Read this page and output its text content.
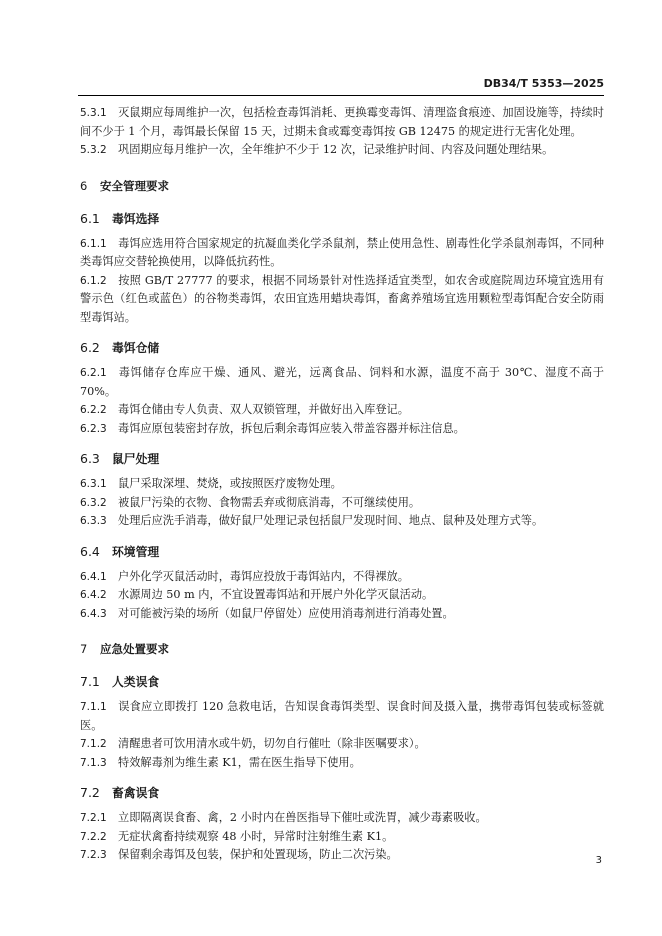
DB34/T 5353—2025
5.3.1 灭鼠期应每周维护一次，包括检查毒饵消耗、更换霉变毒饵、清理盗食痕迹、加固设施等，持续时间不少于 1 个月，毒饵最长保留 15 天，过期未食或霉变毒饵按 GB 12475 的规定进行无害化处理。
5.3.2 巩固期应每月维护一次，全年维护不少于 12 次，记录维护时间、内容及问题处理结果。
6 安全管理要求
6.1 毒饵选择
6.1.1 毒饵应选用符合国家规定的抗凝血类化学杀鼠剂，禁止使用急性、剧毒性化学杀鼠剂毒饵，不同种类毒饵应交替轮换使用，以降低抗药性。
6.1.2 按照 GB/T 27777 的要求，根据不同场景针对性选择适宜类型，如农舍或庭院周边环境宜选用有警示色（红色或蓝色）的谷物类毒饵，农田宜选用蜡块毒饵，畜禽养殖场宜选用颗粒型毒饵配合安全防雨型毒饵站。
6.2 毒饵仓储
6.2.1 毒饵储存仓库应干燥、通风、避光，远离食品、饲料和水源，温度不高于 30℃、湿度不高于70%。
6.2.2 毒饵仓储由专人负责、双人双锁管理，并做好出入库登记。
6.2.3 毒饵应原包装密封存放，拆包后剩余毒饵应装入带盖容器并标注信息。
6.3 鼠尸处理
6.3.1 鼠尸采取深埋、焚烧，或按照医疗废物处理。
6.3.2 被鼠尸污染的衣物、食物需丢弃或彻底消毒，不可继续使用。
6.3.3 处理后应洗手消毒，做好鼠尸处理记录包括鼠尸发现时间、地点、鼠种及处理方式等。
6.4 环境管理
6.4.1 户外化学灭鼠活动时，毒饵应投放于毒饵站内，不得裸放。
6.4.2 水源周边 50 m 内，不宜设置毒饵站和开展户外化学灭鼠活动。
6.4.3 对可能被污染的场所（如鼠尸停留处）应使用消毒剂进行消毒处置。
7 应急处置要求
7.1 人类误食
7.1.1 误食应立即拨打 120 急救电话，告知误食毒饵类型、误食时间及摄入量，携带毒饵包装或标签就医。
7.1.2 清醒患者可饮用清水或牛奶，切勿自行催吐（除非医嘱要求）。
7.1.3 特效解毒剂为维生素 K1，需在医生指导下使用。
7.2 畜禽误食
7.2.1 立即隔离误食畜、禽，2 小时内在兽医指导下催吐或洗胃，减少毒素吸收。
7.2.2 无症状禽畜持续观察 48 小时，异常时注射维生素 K1。
7.2.3 保留剩余毒饵及包装，保护和处置现场，防止二次污染。	3
